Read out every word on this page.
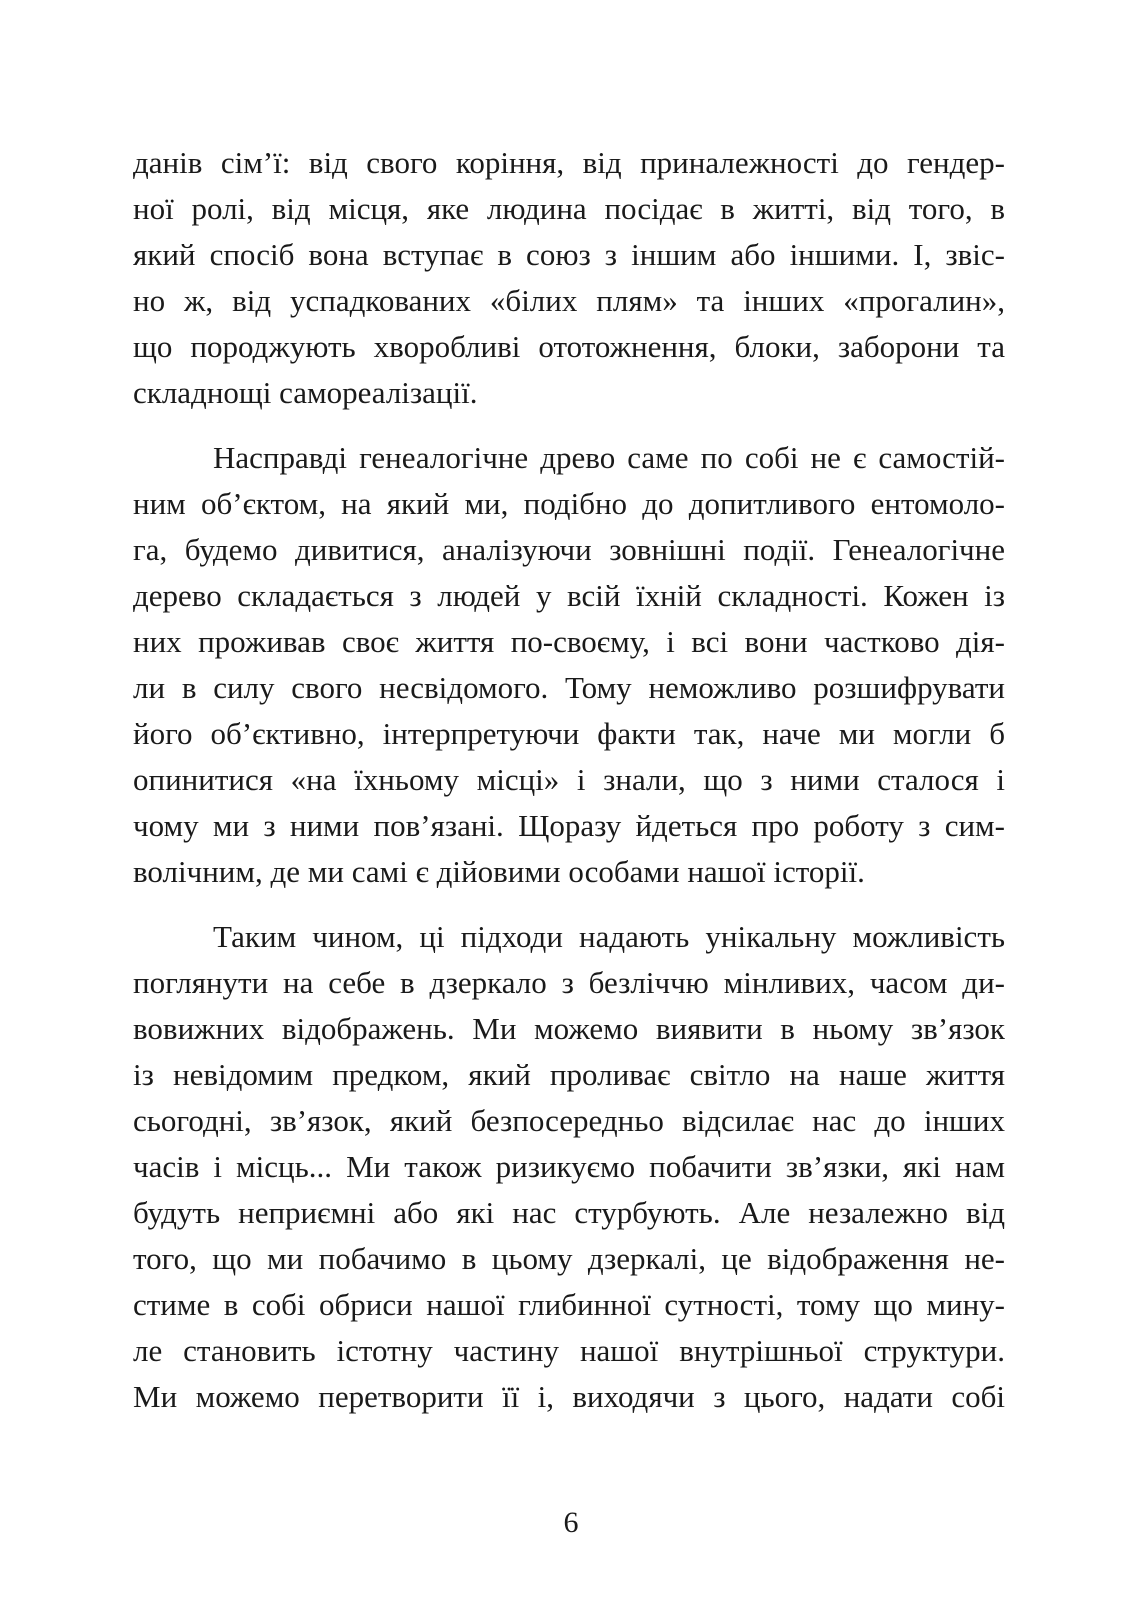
данів сім’ї: від свого коріння, від приналежності до гендер-
ної ролі, від місця, яке людина посідає в житті, від того, в
який спосіб вона вступає в союз з іншим або іншими. І, звіс-
но ж, від успадкованих «білих плям» та інших «прогалин»,
що породжують хворобливі ототожнення, блоки, заборони та
складнощі самореалізації.
Насправді генеалогічне древо саме по собі не є самостій-
ним об’єктом, на який ми, подібно до допитливого ентомоло-
га, будемо дивитися, аналізуючи зовнішні події. Генеалогічне
дерево складається з людей у всій їхній складності. Кожен із
них проживав своє життя по-своєму, і всі вони частково дія-
ли в силу свого несвідомого. Тому неможливо розшифрувати
його об’єктивно, інтерпретуючи факти так, наче ми могли б
опинитися «на їхньому місці» і знали, що з ними сталося і
чому ми з ними пов’язані. Щоразу йдеться про роботу з сим-
волічним, де ми самі є дійовими особами нашої історії.
Таким чином, ці підходи надають унікальну можливість
поглянути на себе в дзеркало з безліччю мінливих, часом ди-
вовижних відображень. Ми можемо виявити в ньому зв’язок
із невідомим предком, який проливає світло на наше життя
сьогодні, зв’язок, який безпосередньо відсилає нас до інших
часів і місць... Ми також ризикуємо побачити зв’язки, які нам
будуть неприємні або які нас стурбують. Але незалежно від
того, що ми побачимо в цьому дзеркалі, це відображення не-
стиме в собі обриси нашої глибинної сутності, тому що мину-
ле становить істотну частину нашої внутрішньої структури.
Ми можемо перетворити її і, виходячи з цього, надати собі
6
